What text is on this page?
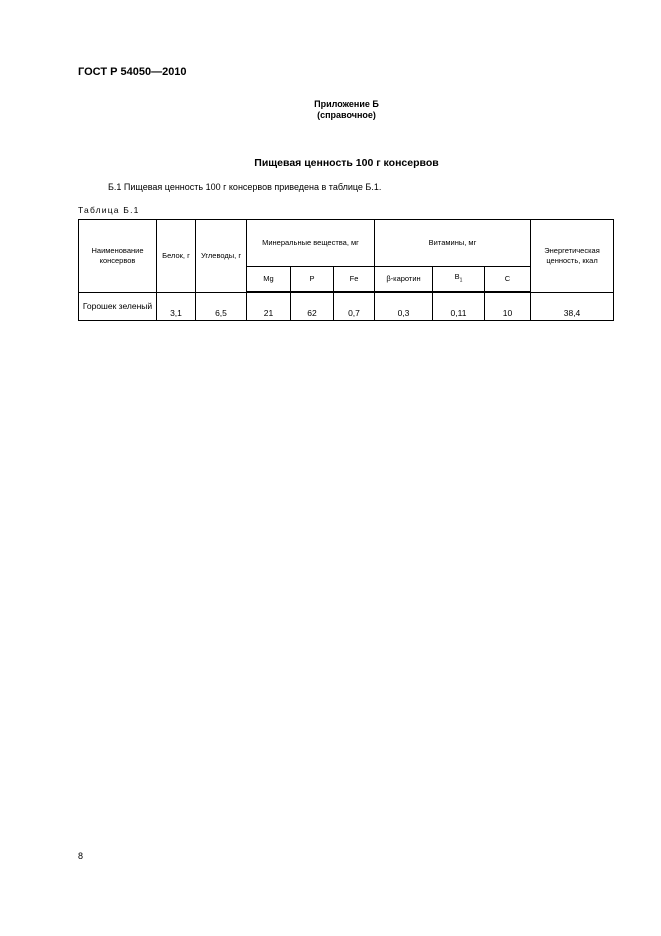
ГОСТ Р 54050—2010
Приложение Б
(справочное)
Пищевая ценность 100 г консервов
Б.1 Пищевая ценность 100 г консервов приведена в таблице Б.1.
Таблица Б.1
Наименование консервов	Белок, г	Углеводы, г	Минеральные вещества, мг			Витамины, мг			Энергетическая ценность, ккал
			Mg	P	Fe	β-каротин	$В_1$	С	
Горошек зеленый	3,1	6,5	21	62	0,7	0,3	0,11	10	38,4
8
